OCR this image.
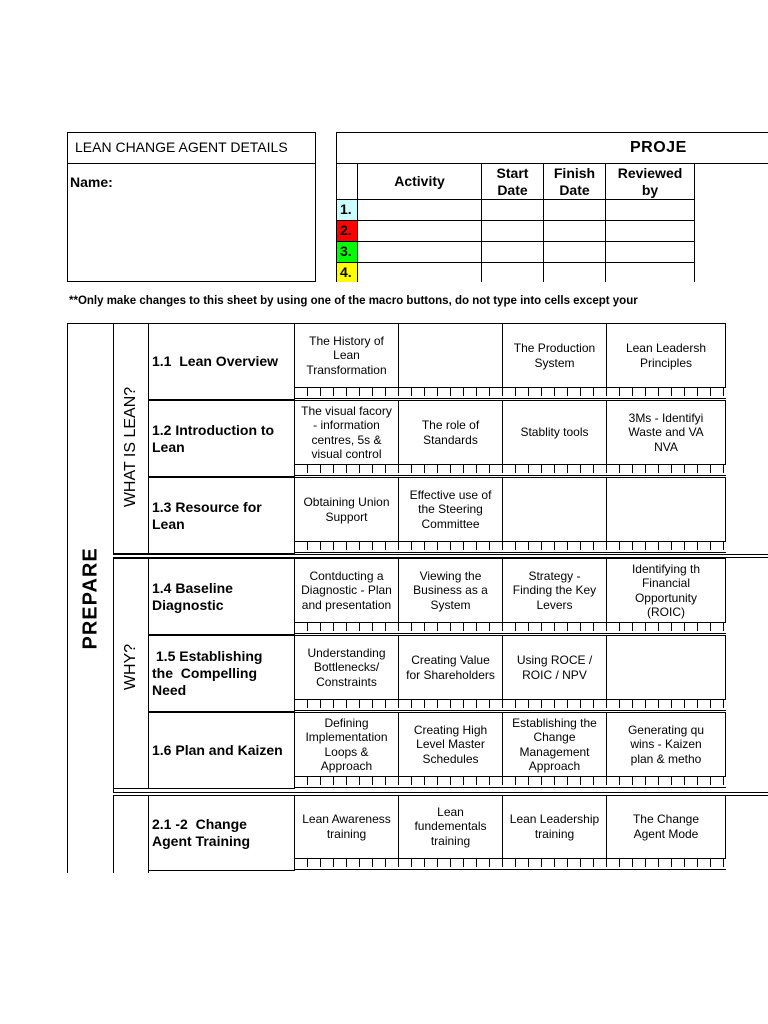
LEAN CHANGE AGENT DETAILS
Name:
PROJE
Activity
Start
Date
Finish
Date
Reviewed
by
1.
2.
3.
4.
**Only make changes to this sheet by using one of the macro buttons, do not type into cells except your
PREPARE
WHAT IS LEAN?
WHY?
1.1  Lean Overview
The History of
Lean
Transformation
The Production
System
Lean Leadersh
Principles
1.2 Introduction to
Lean
The visual facory
- information
centres, 5s &
visual control
The role of
Standards
Stablity tools
3Ms - Identifyi
Waste and VA
NVA
1.3 Resource for
Lean
Obtaining Union
Support
Effective use of
the Steering
Committee
1.4 Baseline
Diagnostic
Contducting a
Diagnostic - Plan
and presentation
Viewing the
Business as a
System
Strategy -
Finding the Key
Levers
Identifying th
Financial
Opportunity
(ROIC)
1.5 Establishing
the  Compelling
Need
Understanding
Bottlenecks/
Constraints
Creating Value
for Shareholders
Using ROCE /
ROIC / NPV
1.6 Plan and Kaizen
Defining
Implementation
Loops &
Approach
Creating High
Level Master
Schedules
Establishing the
Change
Management
Approach
Generating qu
wins - Kaizen
plan & metho
2.1 -2  Change
Agent Training
Lean Awareness
training
Lean
fundementals
training
Lean Leadership
training
The Change
Agent Mode
